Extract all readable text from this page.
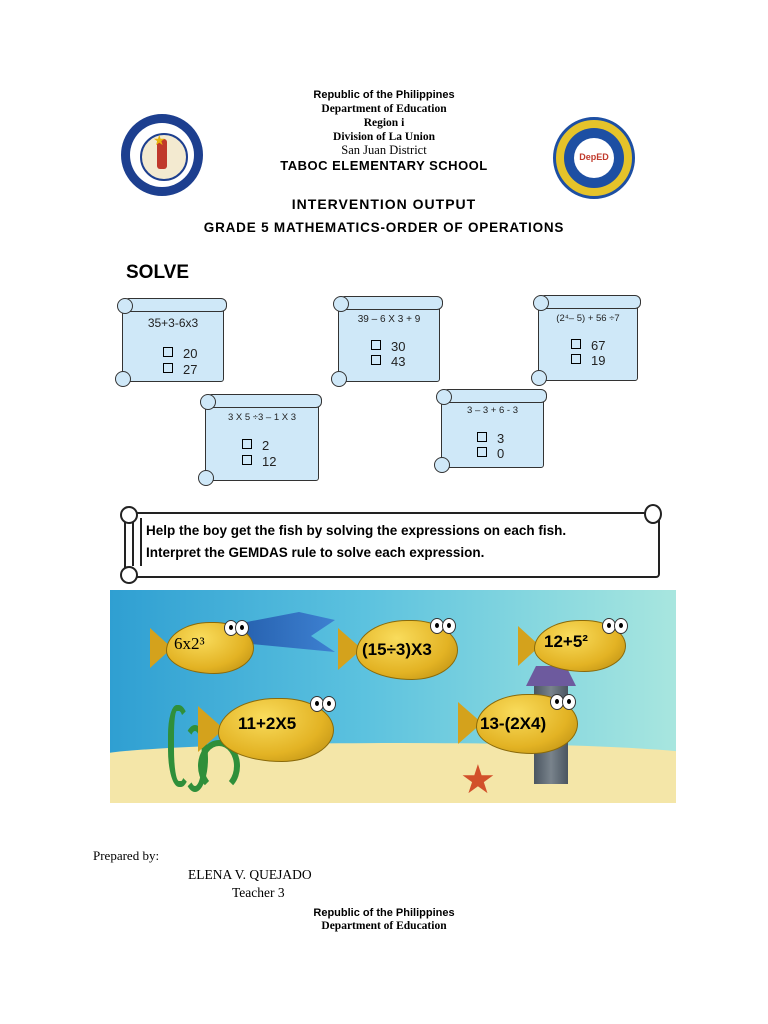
★
DepED
Republic of the Philippines
Department of Education
Region i
Division of La Union
San Juan District
TABOC ELEMENTARY SCHOOL
INTERVENTION OUTPUT
GRADE 5 MATHEMATICS-ORDER OF OPERATIONS
SOLVE
35+3-6x3
20
27
39 – 6 X 3 + 9
30
43
(2⁴– 5) + 56 ÷7
67
19
3 X 5 ÷3 – 1 X 3
2
12
3 – 3 + 6 - 3
3
0
Help the boy get the fish by solving the expressions on each fish.
Interpret the GEMDAS rule to solve each expression.
★
6x2³	(15÷3)X3	12+5²
11+2X5	13-(2X4)
Prepared by:
ELENA V. QUEJADO
Teacher 3
Republic of the Philippines
Department of Education
